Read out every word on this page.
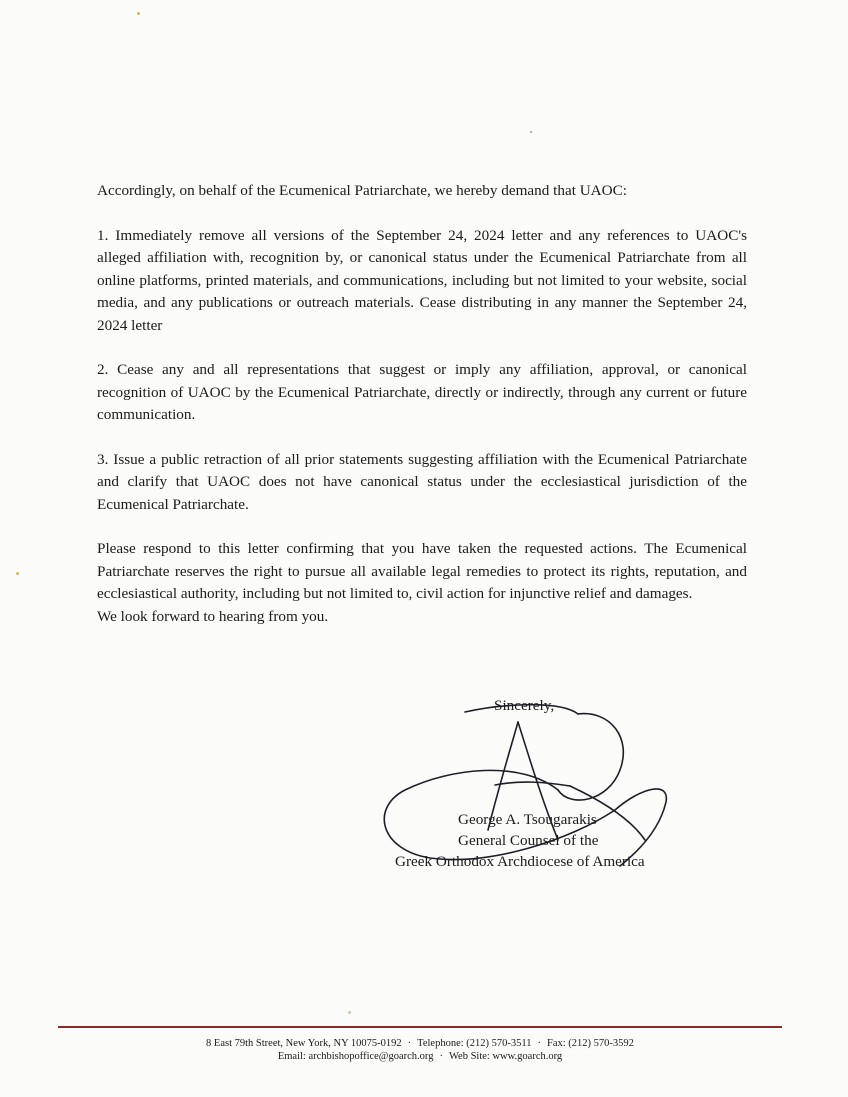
Accordingly, on behalf of the Ecumenical Patriarchate, we hereby demand that UAOC:

1. Immediately remove all versions of the September 24, 2024 letter and any references to UAOC's alleged affiliation with, recognition by, or canonical status under the Ecumenical Patriarchate from all online platforms, printed materials, and communications, including but not limited to your website, social media, and any publications or outreach materials. Cease distributing in any manner the September 24, 2024 letter

2. Cease any and all representations that suggest or imply any affiliation, approval, or canonical recognition of UAOC by the Ecumenical Patriarchate, directly or indirectly, through any current or future communication.

3. Issue a public retraction of all prior statements suggesting affiliation with the Ecumenical Patriarchate and clarify that UAOC does not have canonical status under the ecclesiastical jurisdiction of the Ecumenical Patriarchate.

Please respond to this letter confirming that you have taken the requested actions. The Ecumenical Patriarchate reserves the right to pursue all available legal remedies to protect its rights, reputation, and ecclesiastical authority, including but not limited to, civil action for injunctive relief and damages.

We look forward to hearing from you.

Sincerely,
George A. Tsougarakis
General Counsel of the
Greek Orthodox Archdiocese of America
8 East 79th Street, New York, NY 10075-0192 · Telephone: (212) 570-3511 · Fax: (212) 570-3592
Email: archbishopoffice@goarch.org · Web Site: www.goarch.org
